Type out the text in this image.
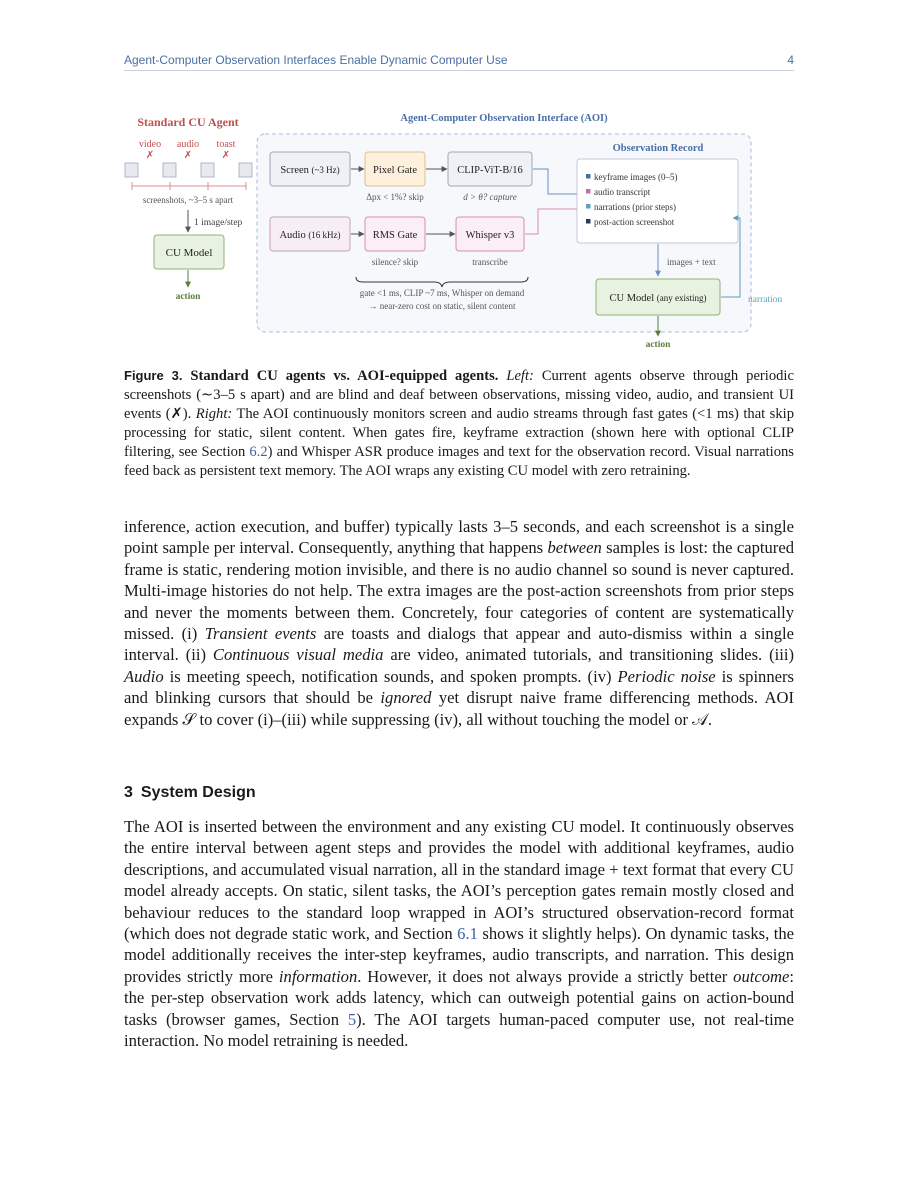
Agent-Computer Observation Interfaces Enable Dynamic Computer Use	4
Standard CU Agent
video audio toast
✗	✗	✗
screenshots, ~3–5 s apart
1 image/step
CU Model
action
Agent-Computer Observation Interface (AOI)
Screen (~3 Hz)	Pixel Gate
Δpx < 1%? skip
CLIP-ViT-B/16
d > θ? capture
Audio (16 kHz)	RMS Gate
silence? skip
Whisper v3
transcribe
gate <1 ms, CLIP ~7 ms, Whisper on demand
→ near-zero cost on static, silent content
Observation Record
keyframe images (0–5)
audio transcript
narrations (prior steps)
post-action screenshot
images + text
CU Model (any existing)	narration
action
Figure 3. Standard CU agents vs. AOI-equipped agents. Left: Current agents observe through periodic screenshots (∼3–5 s apart) and are blind and deaf between observations, missing video, audio, and transient UI events (✗). Right: The AOI continuously monitors screen and audio streams through fast gates (<1 ms) that skip processing for static, silent content. When gates fire, keyframe extraction (shown here with optional CLIP filtering, see Section 6.2) and Whisper ASR produce images and text for the observation record. Visual narrations feed back as persistent text memory. The AOI wraps any existing CU model with zero retraining.

inference, action execution, and buffer) typically lasts 3–5 seconds, and each screenshot is a single point sample per interval. Consequently, anything that happens between samples is lost: the captured frame is static, rendering motion invisible, and there is no audio channel so sound is never captured. Multi-image histories do not help. The extra images are the post-action screenshots from prior steps and never the moments between them. Concretely, four categories of content are systematically missed. (i) Transient events are toasts and dialogs that appear and auto-dismiss within a single interval. (ii) Continuous visual media are video, animated tutorials, and transitioning slides. (iii) Audio is meeting speech, notification sounds, and spoken prompts. (iv) Periodic noise is spinners and blinking cursors that should be ignored yet disrupt naive frame differencing methods. AOI expands 𝒮 to cover (i)–(iii) while suppressing (iv), all without touching the model or 𝒜.

3 System Design

The AOI is inserted between the environment and any existing CU model. It continuously observes the entire interval between agent steps and provides the model with additional keyframes, audio descriptions, and accumulated visual narration, all in the standard image + text format that every CU model already accepts. On static, silent tasks, the AOI’s perception gates remain mostly closed and behaviour reduces to the standard loop wrapped in AOI’s structured observation-record format (which does not degrade static work, and Section 6.1 shows it slightly helps). On dynamic tasks, the model additionally receives the inter-step keyframes, audio transcripts, and narration. This design provides strictly more information. However, it does not always provide a strictly better outcome: the per-step observation work adds latency, which can outweigh potential gains on action-bound tasks (browser games, Section 5). The AOI targets human-paced computer use, not real-time interaction. No model retraining is needed.
